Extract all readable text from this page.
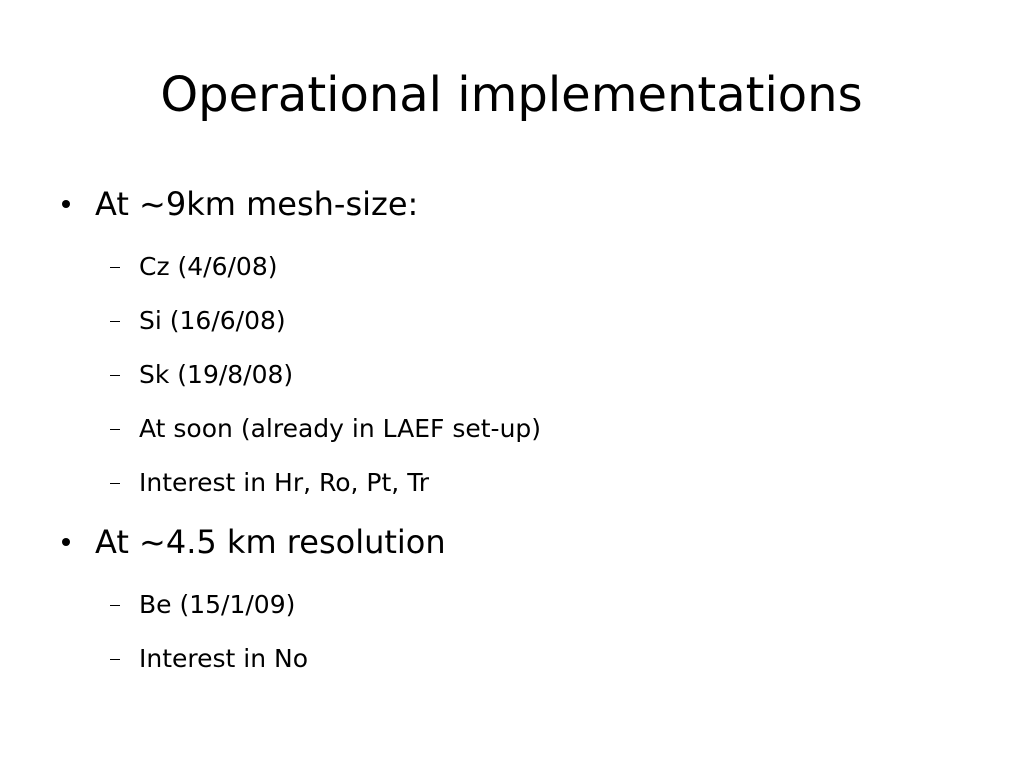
Operational implementations
At ~9km mesh-size:
Cz (4/6/08)
Si (16/6/08)
Sk (19/8/08)
At soon (already in LAEF set-up)
Interest in Hr, Ro, Pt, Tr
At ~4.5 km resolution
Be (15/1/09)
Interest in No
